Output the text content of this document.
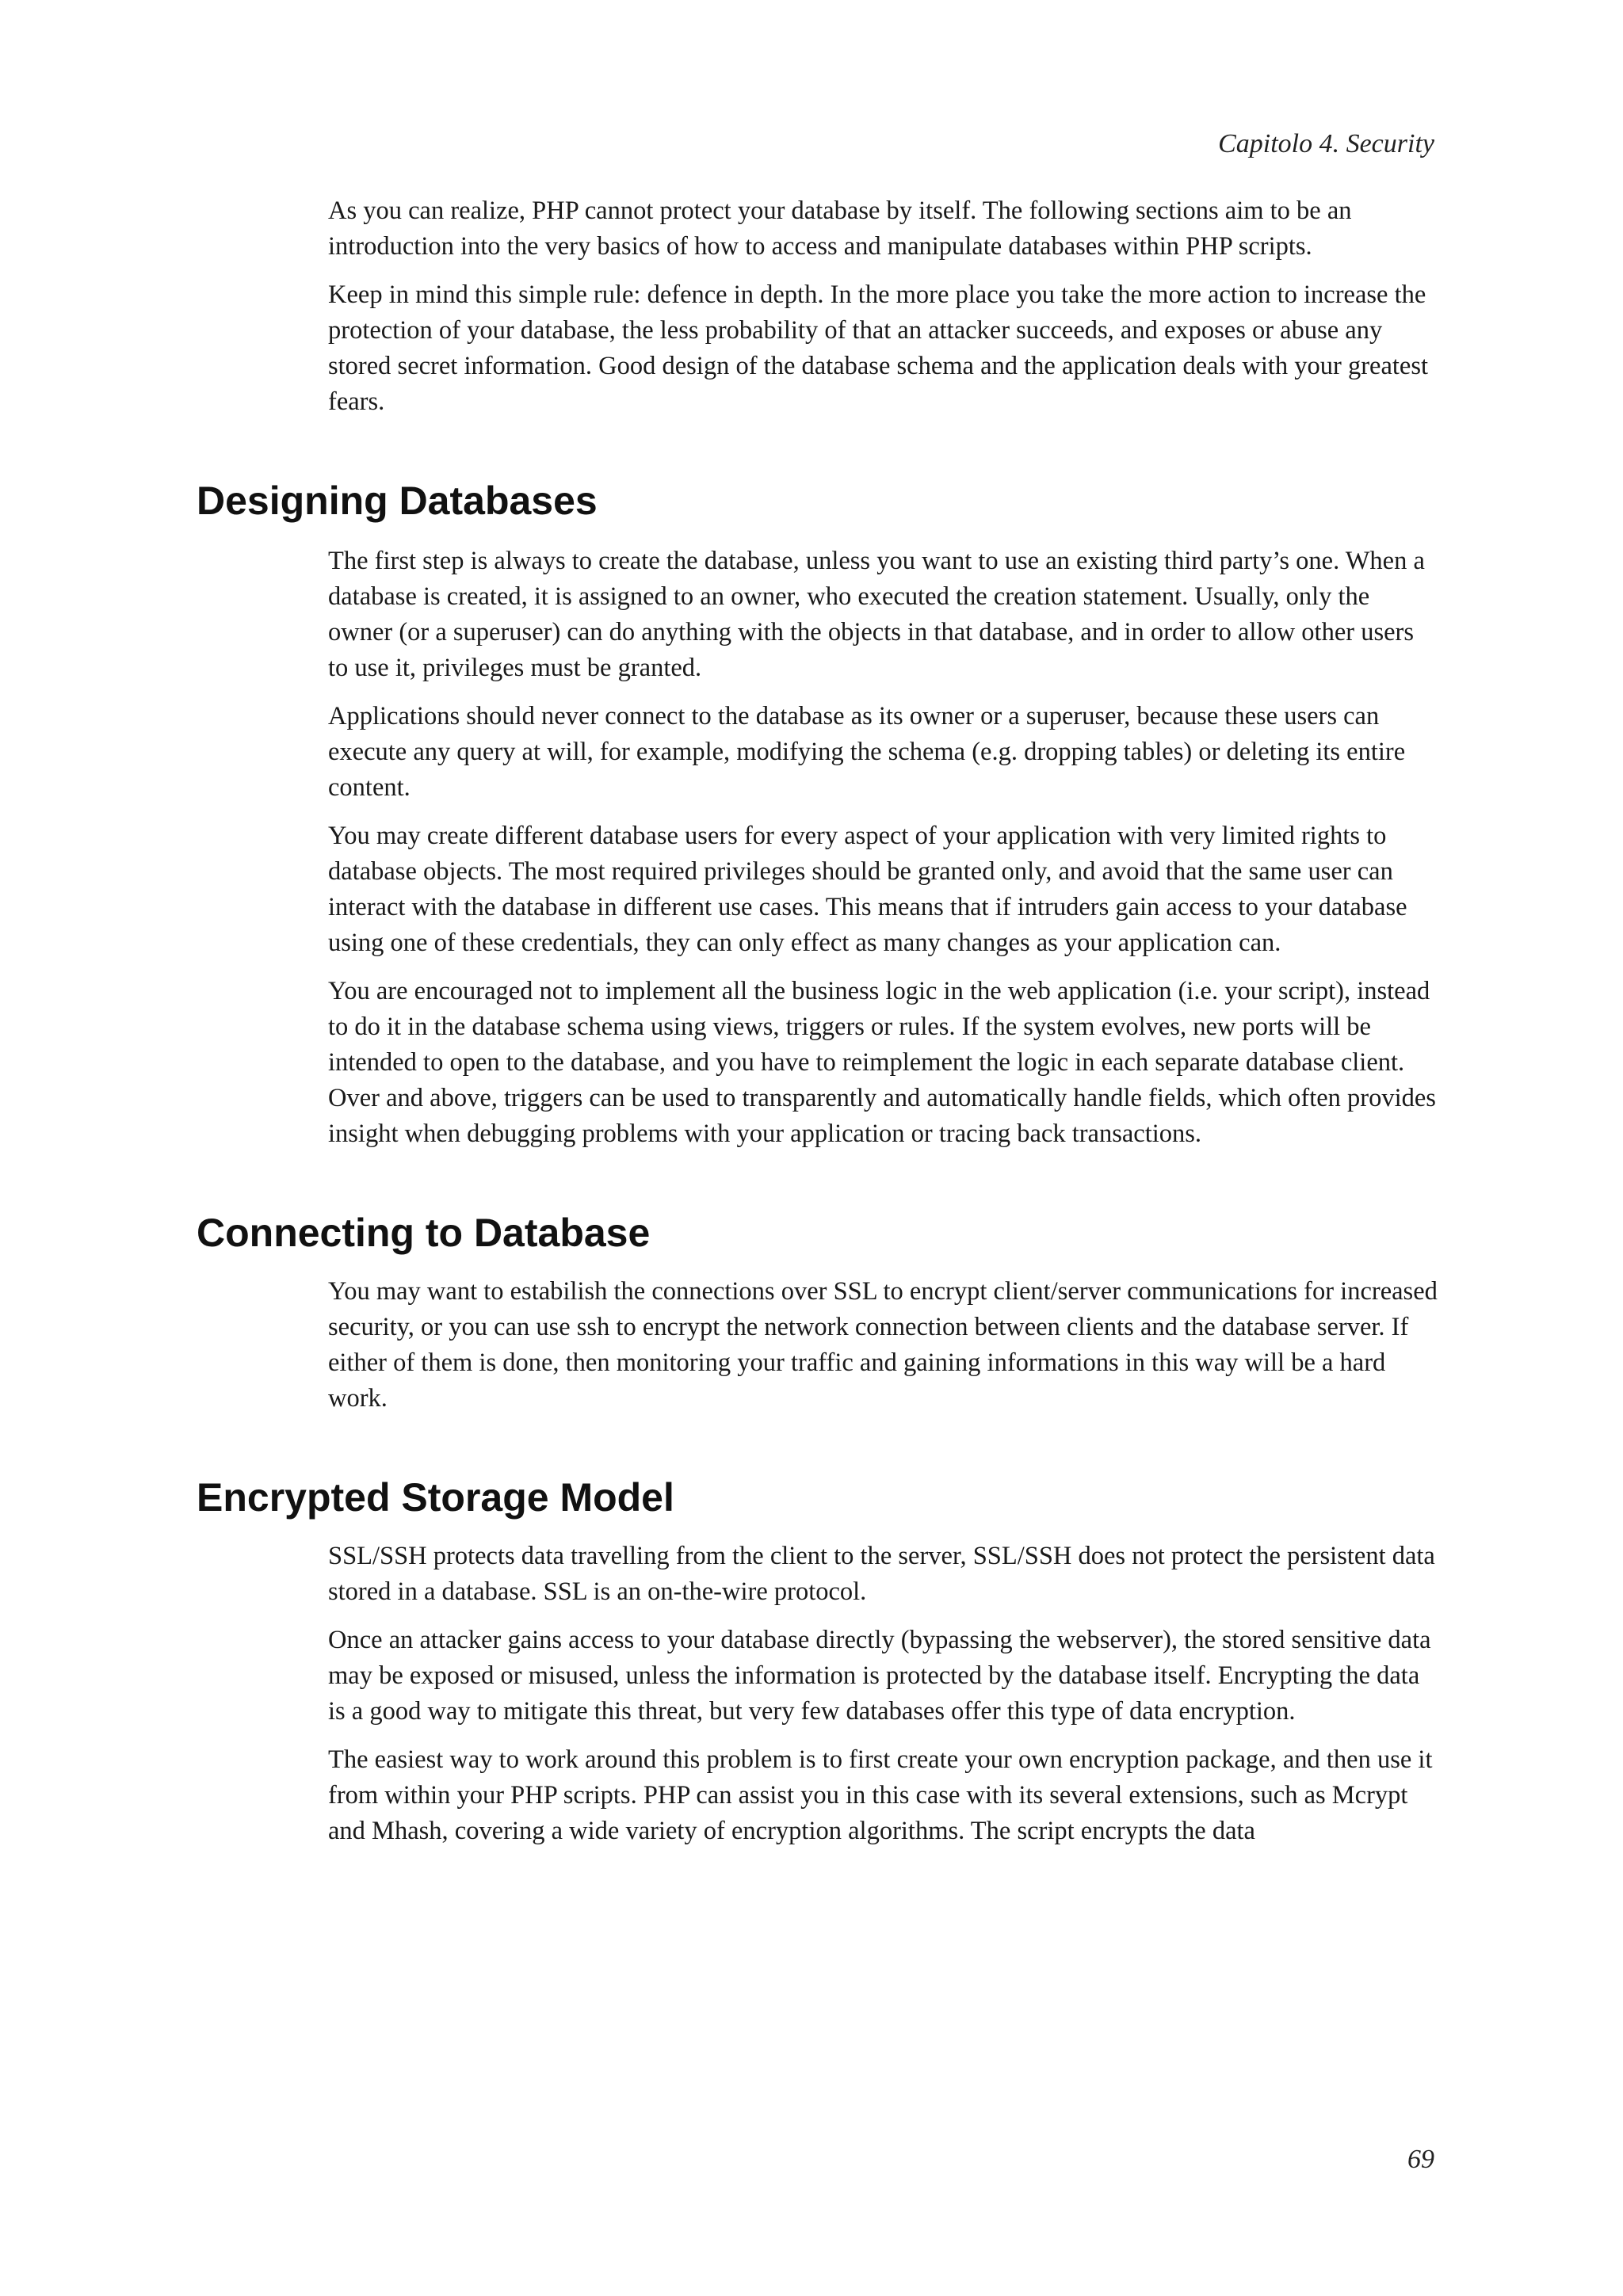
Capitolo 4. Security

As you can realize, PHP cannot protect your database by itself. The following sections aim to be an introduction into the very basics of how to access and manipulate databases within PHP scripts.

Keep in mind this simple rule: defence in depth. In the more place you take the more action to increase the protection of your database, the less probability of that an attacker succeeds, and exposes or abuse any stored secret information. Good design of the database schema and the application deals with your greatest fears.

Designing Databases

The first step is always to create the database, unless you want to use an existing third party’s one. When a database is created, it is assigned to an owner, who executed the creation statement. Usually, only the owner (or a superuser) can do anything with the objects in that database, and in order to allow other users to use it, privileges must be granted.

Applications should never connect to the database as its owner or a superuser, because these users can execute any query at will, for example, modifying the schema (e.g. dropping tables) or deleting its entire content.

You may create different database users for every aspect of your application with very limited rights to database objects. The most required privileges should be granted only, and avoid that the same user can interact with the database in different use cases. This means that if intruders gain access to your database using one of these credentials, they can only effect as many changes as your application can.

You are encouraged not to implement all the business logic in the web application (i.e. your script), instead to do it in the database schema using views, triggers or rules. If the system evolves, new ports will be intended to open to the database, and you have to reimplement the logic in each separate database client. Over and above, triggers can be used to transparently and automatically handle fields, which often provides insight when debugging problems with your application or tracing back transactions.

Connecting to Database

You may want to estabilish the connections over SSL to encrypt client/server communications for increased security, or you can use ssh to encrypt the network connection between clients and the database server. If either of them is done, then monitoring your traffic and gaining informations in this way will be a hard work.

Encrypted Storage Model

SSL/SSH protects data travelling from the client to the server, SSL/SSH does not protect the persistent data stored in a database. SSL is an on-the-wire protocol.

Once an attacker gains access to your database directly (bypassing the webserver), the stored sensitive data may be exposed or misused, unless the information is protected by the database itself. Encrypting the data is a good way to mitigate this threat, but very few databases offer this type of data encryption.

The easiest way to work around this problem is to first create your own encryption package, and then use it from within your PHP scripts. PHP can assist you in this case with its several extensions, such as Mcrypt and Mhash, covering a wide variety of encryption algorithms. The script encrypts the data

69
